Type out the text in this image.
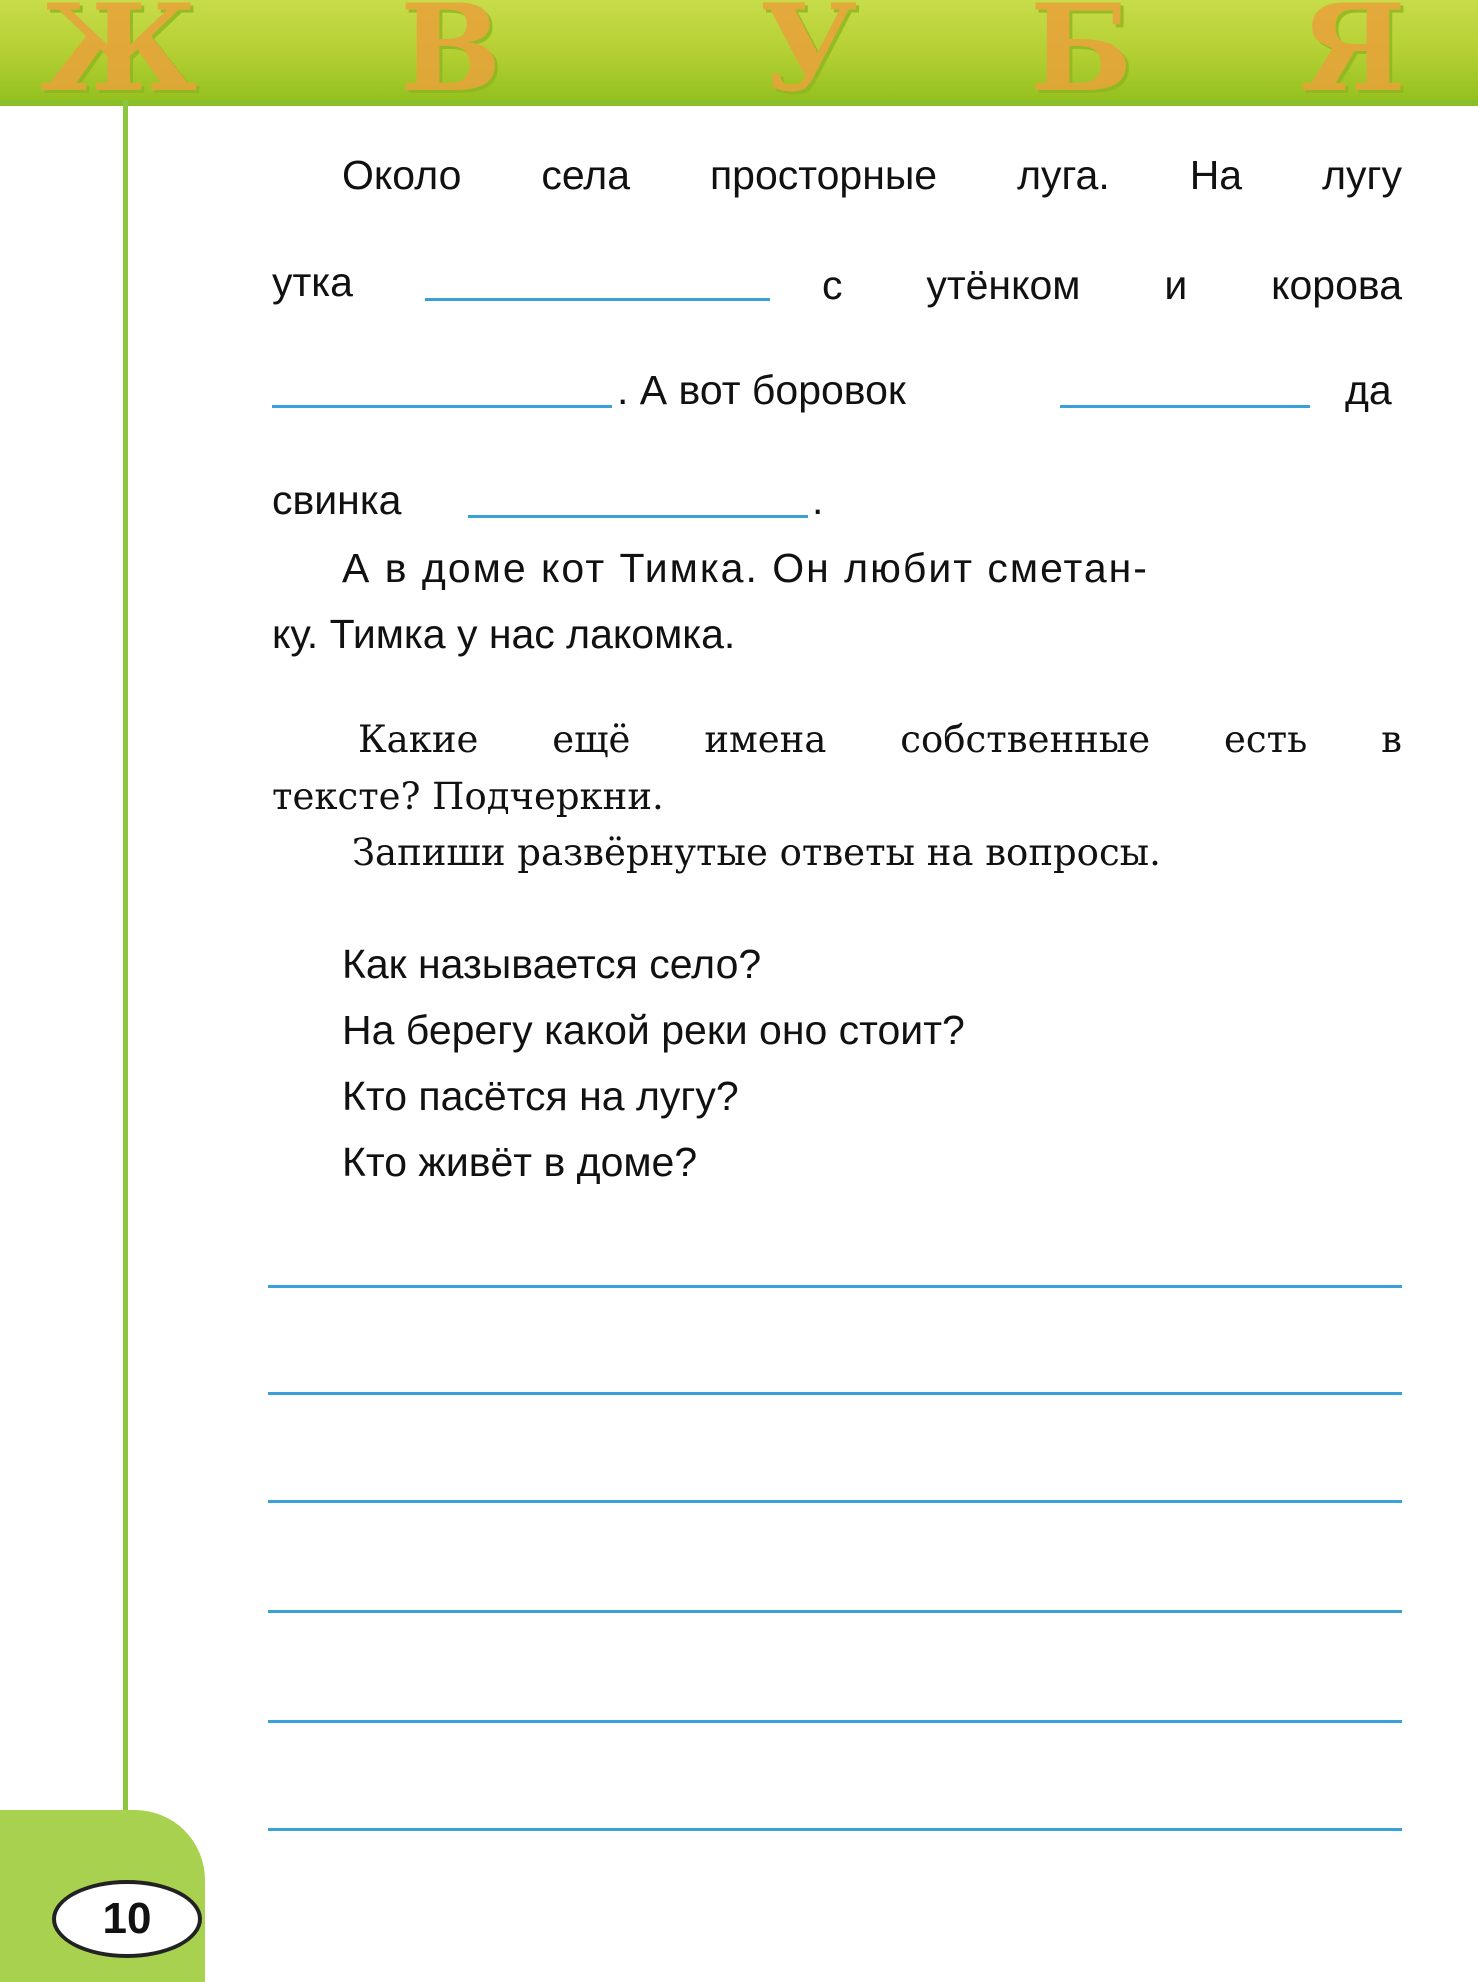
Ж В У Б Я
10
Около села просторные луга. На лугу
утка	с утёнком и корова
. А вот боровок	да
свинка	.
А в доме кот Тимка. Он любит сметан-
ку. Тимка у нас лакомка.
Какие ещё имена собственные есть в
тексте? Подчеркни.
Запиши развёрнутые ответы на вопросы.
Как называется село?
На берегу какой реки оно стоит?
Кто пасётся на лугу?
Кто живёт в доме?
